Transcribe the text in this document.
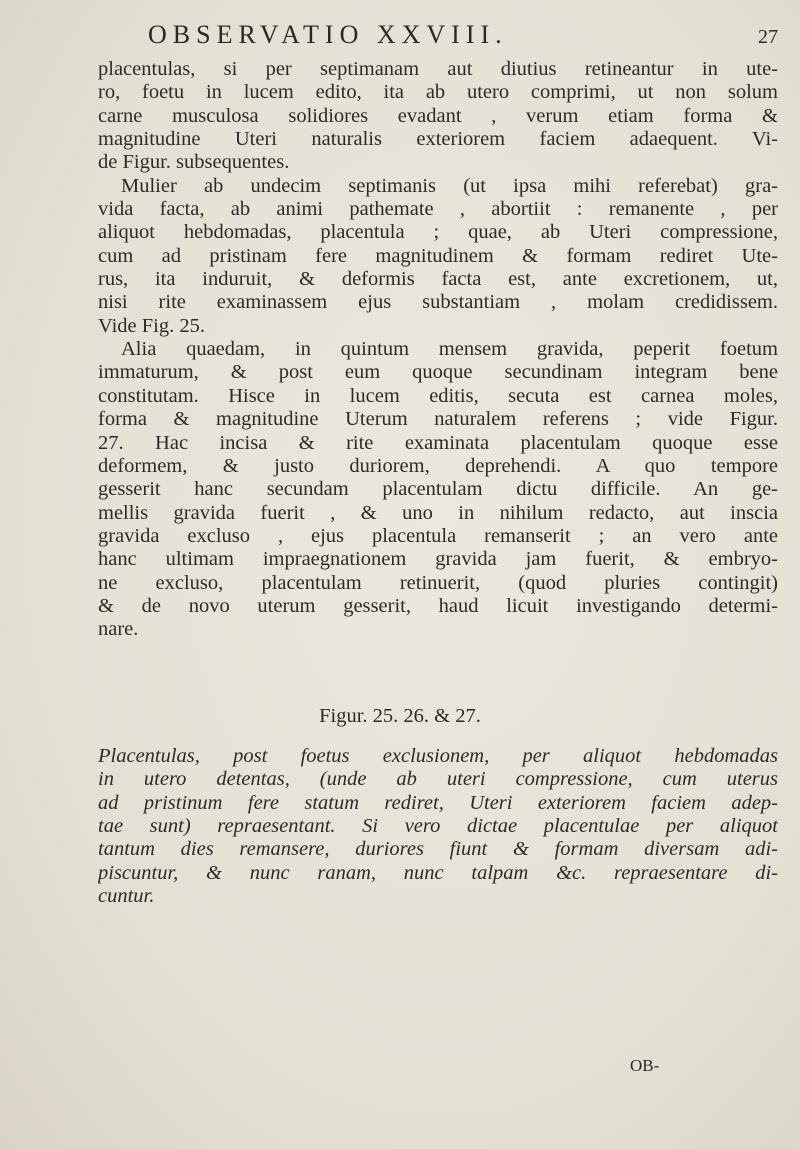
OBSERVATIO XXVIII.	27
placentulas, si per septimanam aut diutius retineantur in ute-
ro, foetu in lucem edito, ita ab utero comprimi, ut non solum
carne musculosa solidiores evadant , verum etiam forma &
magnitudine Uteri naturalis exteriorem faciem adaequent. Vi-
de Figur. subsequentes.
Mulier ab undecim septimanis (ut ipsa mihi referebat) gra-
vida facta, ab animi pathemate , abortiit : remanente , per
aliquot hebdomadas, placentula ; quae, ab Uteri compressione,
cum ad pristinam fere magnitudinem & formam rediret Ute-
rus, ita induruit, & deformis facta est, ante excretionem, ut,
nisi rite examinassem ejus substantiam , molam credidissem.
Vide Fig. 25.
Alia quaedam, in quintum mensem gravida, peperit foetum
immaturum, & post eum quoque secundinam integram bene
constitutam. Hisce in lucem editis, secuta est carnea moles,
forma & magnitudine Uterum naturalem referens ; vide Figur.
27. Hac incisa & rite examinata placentulam quoque esse
deformem, & justo duriorem, deprehendi. A quo tempore
gesserit hanc secundam placentulam dictu difficile. An ge-
mellis gravida fuerit , & uno in nihilum redacto, aut inscia
gravida excluso , ejus placentula remanserit ; an vero ante
hanc ultimam impraegnationem gravida jam fuerit, & embryo-
ne excluso, placentulam retinuerit, (quod pluries contingit)
& de novo uterum gesserit, haud licuit investigando determi-
nare.
Figur. 25. 26. & 27.
Placentulas, post foetus exclusionem, per aliquot hebdomadas
in utero detentas, (unde ab uteri compressione, cum uterus
ad pristinum fere statum rediret, Uteri exteriorem faciem adep-
tae sunt) repraesentant. Si vero dictae placentulae per aliquot
tantum dies remansere, duriores fiunt & formam diversam adi-
piscuntur, & nunc ranam, nunc talpam &c. repraesentare di-
cuntur.
OB-
